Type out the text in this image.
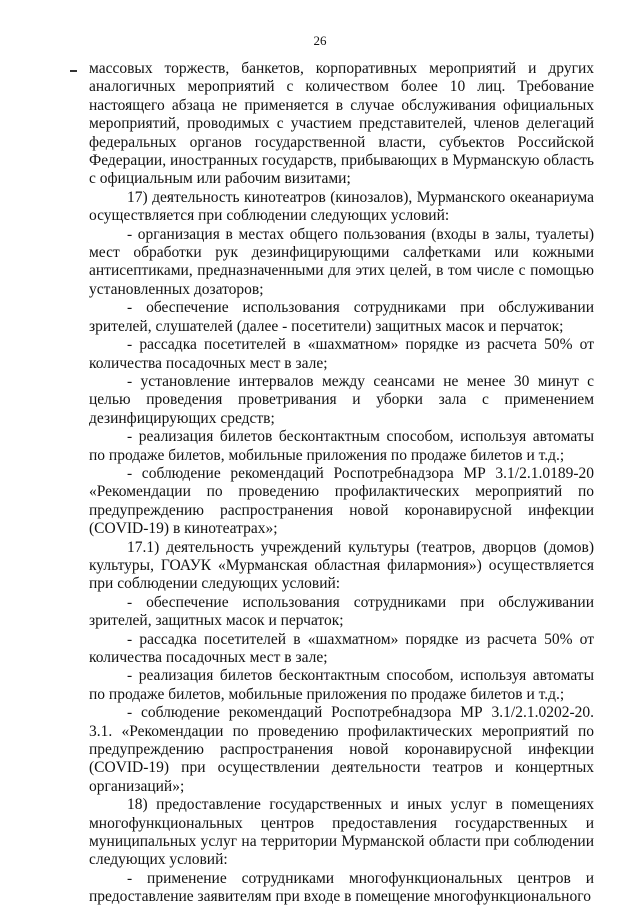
26

массовых торжеств, банкетов, корпоративных мероприятий и других аналогичных мероприятий с количеством более 10 лиц. Требование настоящего абзаца не применяется в случае обслуживания официальных мероприятий, проводимых с участием представителей, членов делегаций федеральных органов государственной власти, субъектов Российской Федерации, иностранных государств, прибывающих в Мурманскую область с официальным или рабочим визитами;

17) деятельность кинотеатров (кинозалов), Мурманского океанариума осуществляется при соблюдении следующих условий:

- организация в местах общего пользования (входы в залы, туалеты) мест обработки рук дезинфицирующими салфетками или кожными антисептиками, предназначенными для этих целей, в том числе с помощью установленных дозаторов;

- обеспечение использования сотрудниками при обслуживании зрителей, слушателей (далее - посетители) защитных масок и перчаток;

- рассадка посетителей в «шахматном» порядке из расчета 50% от количества посадочных мест в зале;

- установление интервалов между сеансами не менее 30 минут с целью проведения проветривания и уборки зала с применением дезинфицирующих средств;

- реализация билетов бесконтактным способом, используя автоматы по продаже билетов, мобильные приложения по продаже билетов и т.д.;

- соблюдение рекомендаций Роспотребнадзора МР 3.1/2.1.0189-20 «Рекомендации по проведению профилактических мероприятий по предупреждению распространения новой коронавирусной инфекции (COVID-19) в кинотеатрах»;

17.1) деятельность учреждений культуры (театров, дворцов (домов) культуры, ГОАУК «Мурманская областная филармония») осуществляется при соблюдении следующих условий:

- обеспечение использования сотрудниками при обслуживании зрителей, защитных масок и перчаток;

- рассадка посетителей в «шахматном» порядке из расчета 50% от количества посадочных мест в зале;

- реализация билетов бесконтактным способом, используя автоматы по продаже билетов, мобильные приложения по продаже билетов и т.д.;

- соблюдение рекомендаций Роспотребнадзора МР 3.1/2.1.0202-20. 3.1. «Рекомендации по проведению профилактических мероприятий по предупреждению распространения новой коронавирусной инфекции (COVID-19) при осуществлении деятельности театров и концертных организаций»;

18) предоставление государственных и иных услуг в помещениях многофункциональных центров предоставления государственных и муниципальных услуг на территории Мурманской области при соблюдении следующих условий:

- применение сотрудниками многофункциональных центров и предоставление заявителям при входе в помещение многофункционального
